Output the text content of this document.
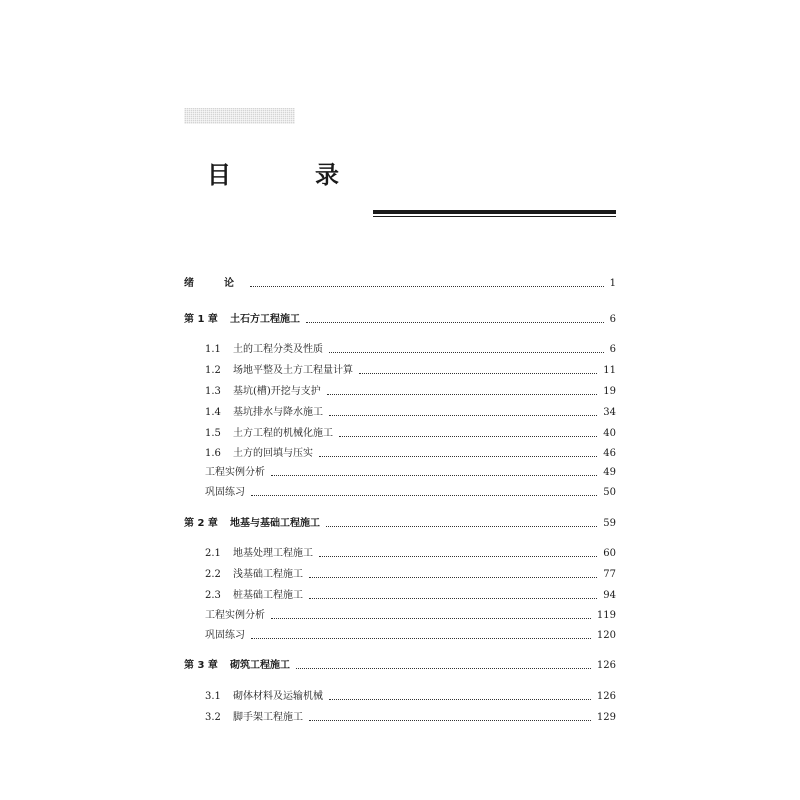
目　录
绪　论	1
第 1 章	土石方工程施工	6
1.1	土的工程分类及性质	6
1.2	场地平整及土方工程量计算	11
1.3	基坑(槽)开挖与支护	19
1.4	基坑排水与降水施工	34
1.5	土方工程的机械化施工	40
1.6	土方的回填与压实	46
工程实例分析	49
巩固练习	50
第 2 章	地基与基础工程施工	59
2.1	地基处理工程施工	60
2.2	浅基础工程施工	77
2.3	桩基础工程施工	94
工程实例分析	119
巩固练习	120
第 3 章	砌筑工程施工	126
3.1	砌体材料及运输机械	126
3.2	脚手架工程施工	129
